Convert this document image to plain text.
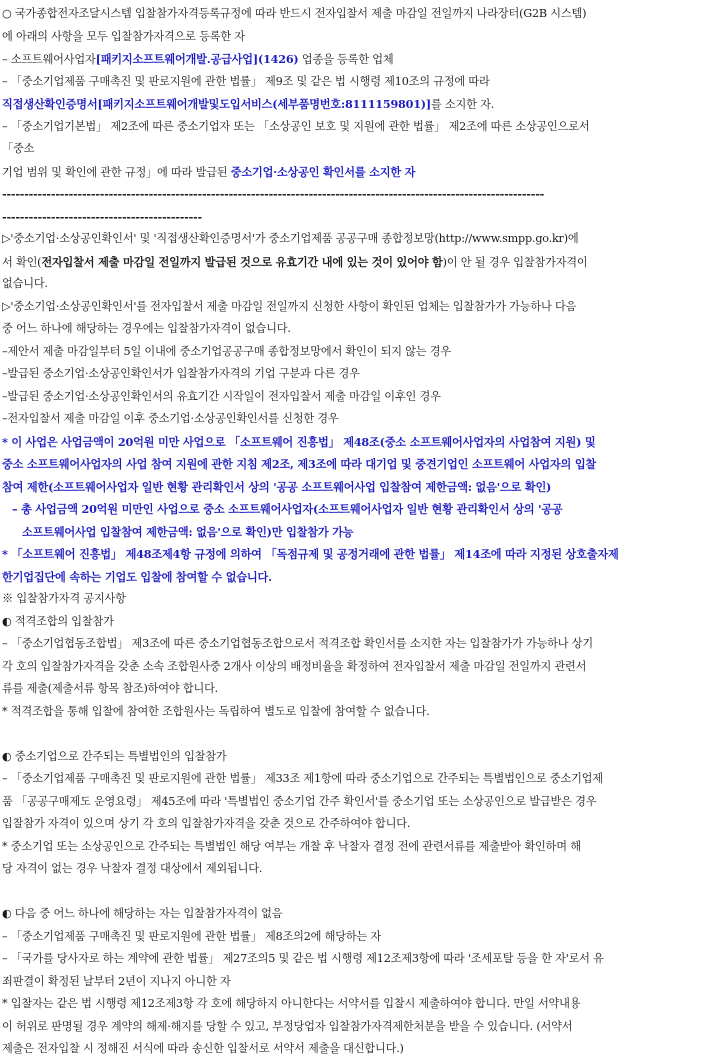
○ 국가종합전자조달시스템 입찰참가자격등록규정에 따라 반드시 전자입찰서 제출 마감일 전일까지 나라장터(G2B 시스템)
에 아래의 사항을 모두 입찰참가자격으로 등록한 자
– 소프트웨어사업자[패키지소프트웨어개발.공급사업](1426) 업종을 등록한 업체
– 「중소기업제품 구매촉진 및 판로지원에 관한 법률」 제9조 및 같은 법 시행령 제10조의 규정에 따라
직접생산확인증명서[패키지소프트웨어개발및도입서비스(세부품명번호:8111159801)]를 소지한 자.
– 「중소기업기본법」 제2조에 따른 중소기업자 또는 「소상공인 보호 및 지원에 관한 법률」 제2조에 따른 소상공인으로서
「중소
기업 범위 및 확인에 관한 규정」에 따라 발급된 중소기업·소상공인 확인서를 소지한 자
--------------------------------------------------------------------------------------------------------------------------
---------------------------------------------
▷'중소기업·소상공인확인서' 및 '직접생산확인증명서'가 중소기업제품 공공구매 종합정보망(http://www.smpp.go.kr)에
서 확인(전자입찰서 제출 마감일 전일까지 발급된 것으로 유효기간 내에 있는 것이 있어야 함)이 안 될 경우 입찰참가자격이
없습니다.
▷'중소기업·소상공인확인서'를 전자입찰서 제출 마감일 전일까지 신청한 사항이 확인된 업체는 입찰참가가 가능하나 다음
중 어느 하나에 해당하는 경우에는 입찰참가자격이 없습니다.
–제안서 제출 마감일부터 5일 이내에 중소기업공공구매 종합정보망에서 확인이 되지 않는 경우
–발급된 중소기업·소상공인확인서가 입찰참가자격의 기업 구분과 다른 경우
–발급된 중소기업·소상공인확인서의 유효기간 시작일이 전자입찰서 제출 마감일 이후인 경우
–전자입찰서 제출 마감일 이후 중소기업·소상공인확인서를 신청한 경우
* 이 사업은 사업금액이 20억원 미만 사업으로 「소프트웨어 진흥법」 제48조(중소 소프트웨어사업자의 사업참여 지원) 및
중소 소프트웨어사업자의 사업 참여 지원에 관한 지침 제2조, 제3조에 따라 대기업 및 중견기업인 소프트웨어 사업자의 입찰
참여 제한(소프트웨어사업자 일반 현황 관리확인서 상의 '공공 소프트웨어사업 입찰참여 제한금액: 없음'으로 확인)
– 총 사업금액 20억원 미만인 사업으로 중소 소프트웨어사업자(소프트웨어사업자 일반 현황 관리확인서 상의 '공공
소프트웨어사업 입찰참여 제한금액: 없음'으로 확인)만 입찰참가 가능
* 「소프트웨어 진흥법」 제48조제4항 규정에 의하여 「독점규제 및 공정거래에 관한 법률」 제14조에 따라 지정된 상호출자제
한기업집단에 속하는 기업도 입찰에 참여할 수 없습니다.
※ 입찰참가자격 공지사항
◐ 적격조합의 입찰참가
– 「중소기업협동조합법」 제3조에 따른 중소기업협동조합으로서 적격조합 확인서를 소지한 자는 입찰참가가 가능하나 상기
각 호의 입찰참가자격을 갖춘 소속 조합원사중 2개사 이상의 배정비율을 확정하여 전자입찰서 제출 마감일 전일까지 관련서
류를 제출(제출서류 항목 참조)하여야 합니다.
* 적격조합을 통해 입찰에 참여한 조합원사는 독립하여 별도로 입찰에 참여할 수 없습니다.
◐ 중소기업으로 간주되는 특별법인의 입찰참가
– 「중소기업제품 구매촉진 및 판로지원에 관한 법률」 제33조 제1항에 따라 중소기업으로 간주되는 특별법인으로 중소기업제
품 「공공구매제도 운영요령」 제45조에 따라 '특별법인 중소기업 간주 확인서'를 중소기업 또는 소상공인으로 발급받은 경우
입찰참가 자격이 있으며 상기 각 호의 입찰참가자격을 갖춘 것으로 간주하여야 합니다.
* 중소기업 또는 소상공인으로 간주되는 특별법인 해당 여부는 개찰 후 낙찰자 결정 전에 관련서류를 제출받아 확인하며 해
당 자격이 없는 경우 낙찰자 결정 대상에서 제외됩니다.
◐ 다음 중 어느 하나에 해당하는 자는 입찰참가자격이 없음
– 「중소기업제품 구매촉진 및 판로지원에 관한 법률」 제8조의2에 해당하는 자
– 「국가를 당사자로 하는 계약에 관한 법률」 제27조의5 및 같은 법 시행령 제12조제3항에 따라 '조세포탈 등을 한 자'로서 유
죄판결이 확정된 날부터 2년이 지나지 아니한 자
* 입찰자는 같은 법 시행령 제12조제3항 각 호에 해당하지 아니한다는 서약서를 입찰시 제출하여야 합니다. 만일 서약내용
이 허위로 판명될 경우 계약의 해제·해지를 당할 수 있고, 부정당업자 입찰참가자격제한처분을 받을 수 있습니다. (서약서
제출은 전자입찰 시 정해진 서식에 따라 송신한 입찰서로 서약서 제출을 대신합니다.)
